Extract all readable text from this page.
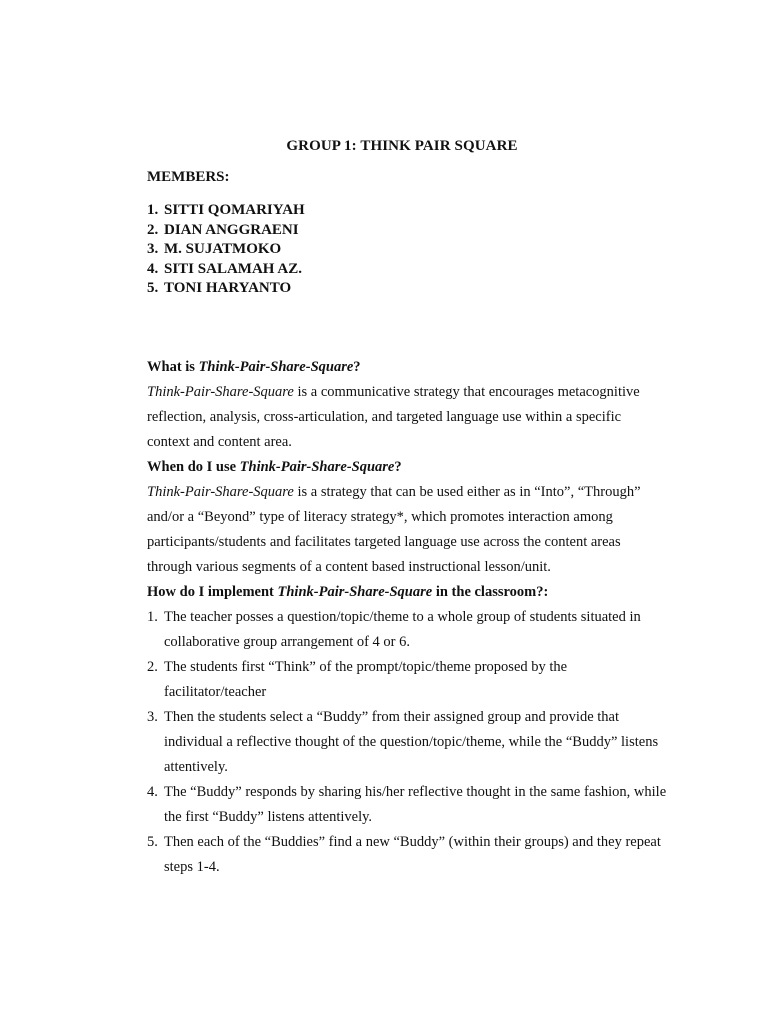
GROUP 1: THINK PAIR SQUARE
MEMBERS:
1. SITTI QOMARIYAH
2. DIAN ANGGRAENI
3. M. SUJATMOKO
4. SITI SALAMAH AZ.
5. TONI HARYANTO

What is Think-Pair-Share-Square?

Think-Pair-Share-Square is a communicative strategy that encourages metacognitive reflection, analysis, cross-articulation, and targeted language use within a specific context and content area.

When do I use Think-Pair-Share-Square?

Think-Pair-Share-Square is a strategy that can be used either as in “Into”, “Through” and/or a “Beyond” type of literacy strategy*, which promotes interaction among participants/students and facilitates targeted language use across the content areas through various segments of a content based instructional lesson/unit.

How do I implement Think-Pair-Share-Square in the classroom?:

1. The teacher posses a question/topic/theme to a whole group of students situated in collaborative group arrangement of 4 or 6.
2. The students first “Think” of the prompt/topic/theme proposed by the facilitator/teacher
3. Then the students select a “Buddy” from their assigned group and provide that individual a reflective thought of the question/topic/theme, while the “Buddy” listens attentively.
4. The “Buddy” responds by sharing his/her reflective thought in the same fashion, while the first “Buddy” listens attentively.
5. Then each of the “Buddies” find a new “Buddy” (within their groups) and they repeat steps 1-4.
